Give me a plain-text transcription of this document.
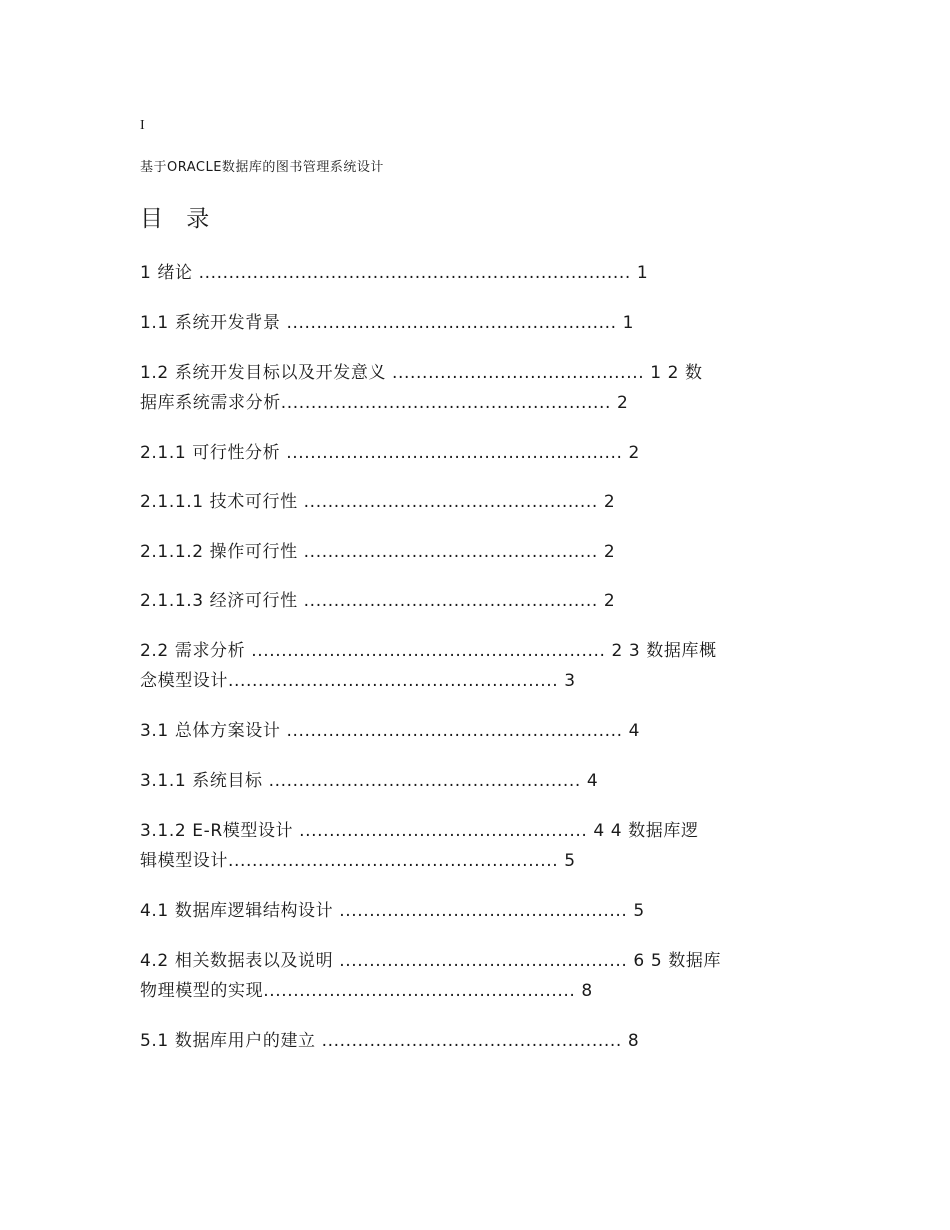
I
基于ORACLE数据库的图书管理系统设计
目 录
1 绪论 ........................................................................ 1
1.1 系统开发背景 ....................................................... 1
1.2 系统开发目标以及开发意义 .......................................... 1 2 数
据库系统需求分析....................................................... 2
2.1.1 可行性分析 ........................................................ 2
2.1.1.1 技术可行性 ................................................. 2
2.1.1.2 操作可行性 ................................................. 2
2.1.1.3 经济可行性 ................................................. 2
2.2 需求分析 ........................................................... 2 3 数据库概
念模型设计....................................................... 3
3.1 总体方案设计 ........................................................ 4
3.1.1 系统目标 .................................................... 4
3.1.2 E-R模型设计 ................................................ 4 4 数据库逻
辑模型设计....................................................... 5
4.1 数据库逻辑结构设计 ................................................ 5
4.2 相关数据表以及说明 ................................................ 6 5 数据库
物理模型的实现.................................................... 8
5.1 数据库用户的建立 .................................................. 8
